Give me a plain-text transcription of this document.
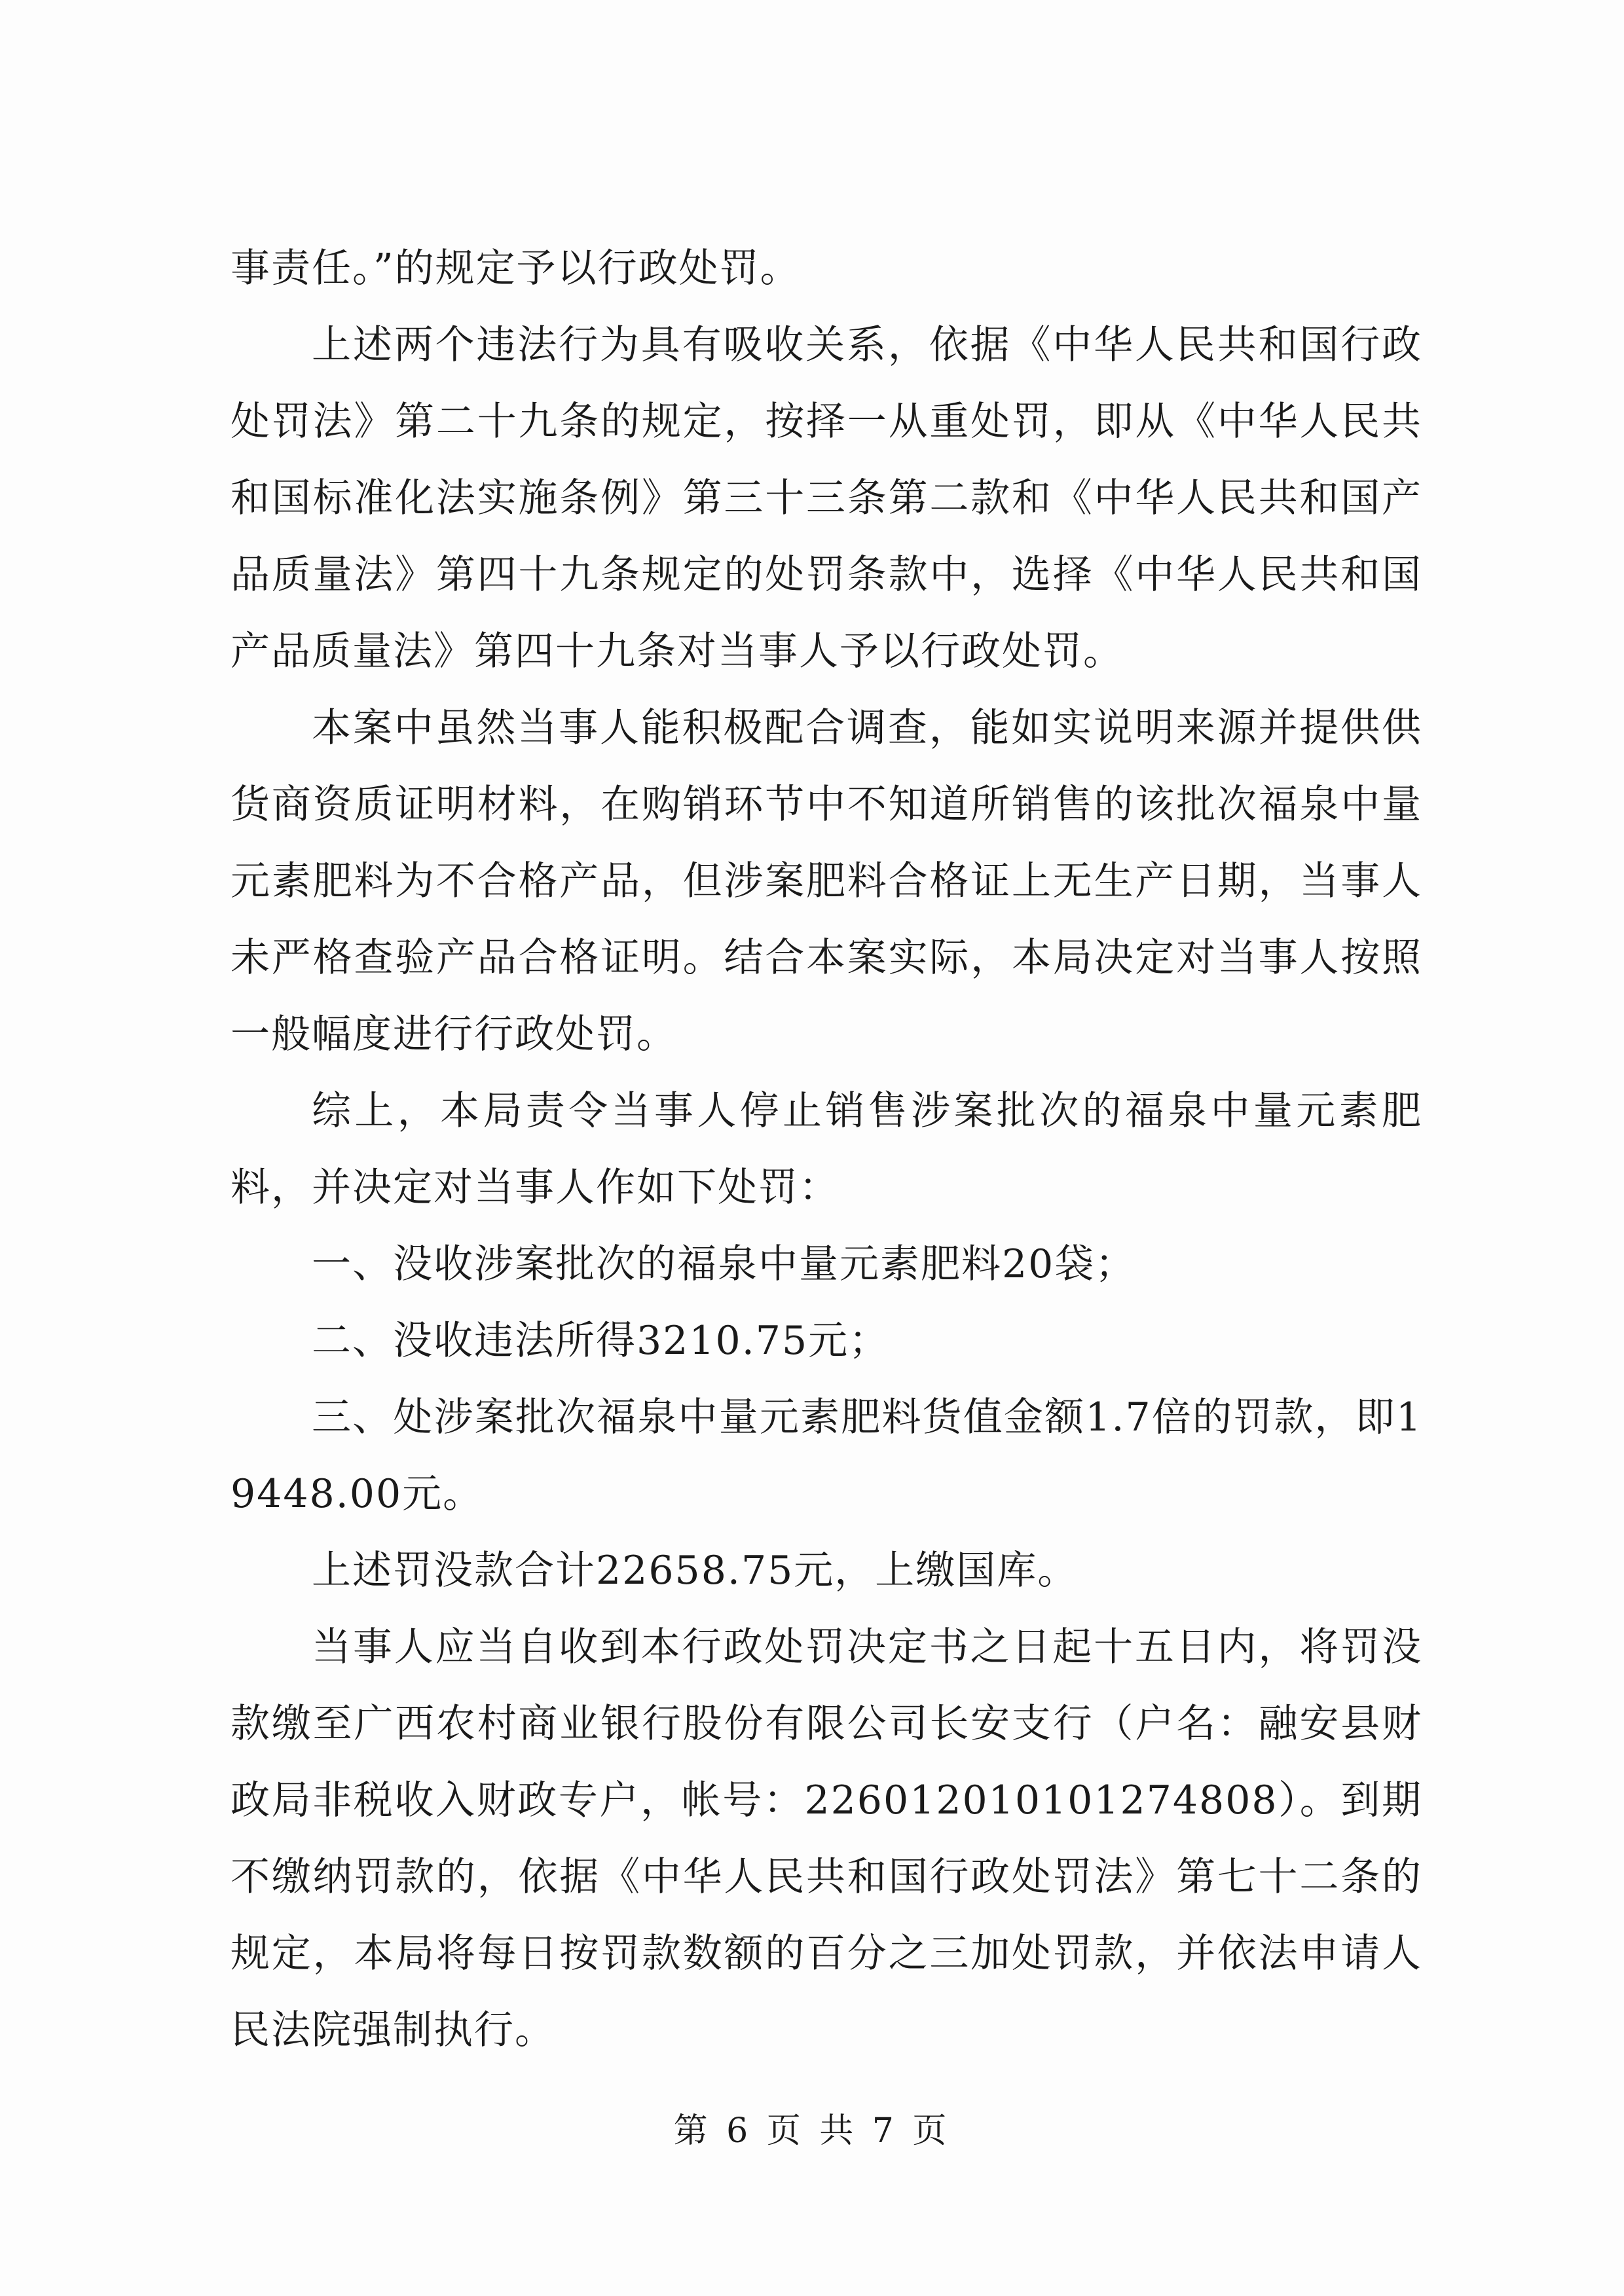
事责任。”的规定予以行政处罚。

上述两个违法行为具有吸收关系，依据《中华人民共和国行政处罚法》第二十九条的规定，按择一从重处罚，即从《中华人民共和国标准化法实施条例》第三十三条第二款和《中华人民共和国产品质量法》第四十九条规定的处罚条款中，选择《中华人民共和国产品质量法》第四十九条对当事人予以行政处罚。

本案中虽然当事人能积极配合调查，能如实说明来源并提供供货商资质证明材料，在购销环节中不知道所销售的该批次福泉中量元素肥料为不合格产品，但涉案肥料合格证上无生产日期，当事人未严格查验产品合格证明。结合本案实际，本局决定对当事人按照一般幅度进行行政处罚。

综上，本局责令当事人停止销售涉案批次的福泉中量元素肥料，并决定对当事人作如下处罚：

一、没收涉案批次的福泉中量元素肥料20袋；

二、没收违法所得3210.75元；

三、处涉案批次福泉中量元素肥料货值金额1.7倍的罚款，即19448.00元。

上述罚没款合计22658.75元，上缴国库。

当事人应当自收到本行政处罚决定书之日起十五日内，将罚没款缴至广西农村商业银行股份有限公司长安支行（户名：融安县财政局非税收入财政专户，帐号：22601201010127480​8）。到期不缴纳罚款的，依据《中华人民共和国行政处罚法》第七十二条的规定，本局将每日按罚款数额的百分之三加处罚款，并依法申请人民法院强制执行。

第 6 页 共 7 页
